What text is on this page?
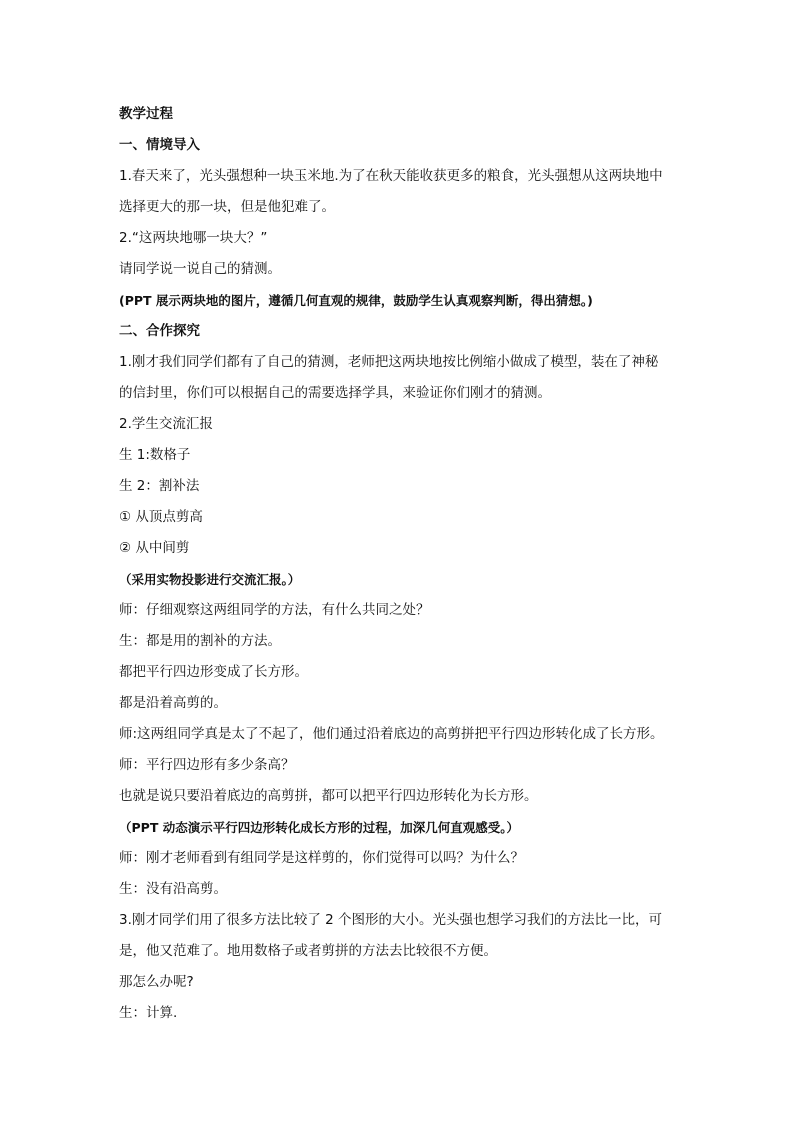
教学过程
一、情境导入
1.春天来了，光头强想种一块玉米地.为了在秋天能收获更多的粮食，光头强想从这两块地中
选择更大的那一块，但是他犯难了。
2.“这两块地哪一块大？”
请同学说一说自己的猜测。
(PPT 展示两块地的图片，遵循几何直观的规律，鼓励学生认真观察判断，得出猜想。)
二、合作探究
1.刚才我们同学们都有了自己的猜测，老师把这两块地按比例缩小做成了模型，装在了神秘
的信封里，你们可以根据自己的需要选择学具，来验证你们刚才的猜测。
2.学生交流汇报
生 1:数格子
生 2：割补法
① 从顶点剪高
② 从中间剪
（采用实物投影进行交流汇报。）
师：仔细观察这两组同学的方法，有什么共同之处？
生：都是用的割补的方法。
都把平行四边形变成了长方形。
都是沿着高剪的。
师:这两组同学真是太了不起了，他们通过沿着底边的高剪拼把平行四边形转化成了长方形。
师：平行四边形有多少条高？
也就是说只要沿着底边的高剪拼，都可以把平行四边形转化为长方形。
（PPT 动态演示平行四边形转化成长方形的过程，加深几何直观感受。）
师：刚才老师看到有组同学是这样剪的，你们觉得可以吗？为什么？
生：没有沿高剪。
3.刚才同学们用了很多方法比较了 2 个图形的大小。光头强也想学习我们的方法比一比，可
是，他又范难了。地用数格子或者剪拼的方法去比较很不方便。
那怎么办呢?
生：计算.
